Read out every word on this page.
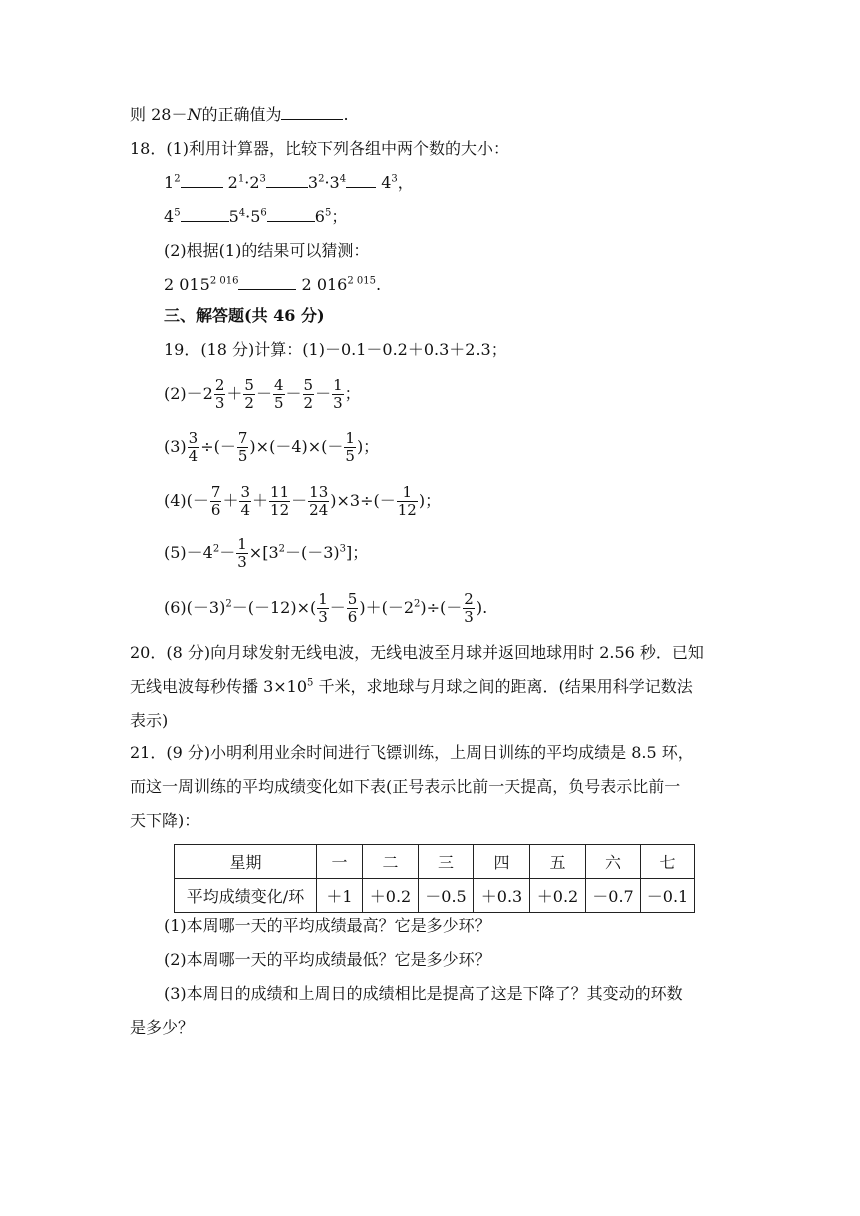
则 28－N的正确值为	.
18．(1)利用计算器，比较下列各组中两个数的大小：
$1^2$	$2^1\cdot 2^3$	$3^2\cdot 3^4$ $4^3$，
$4^5$	$5^4\cdot 5^6$	$6^5$；
(2)根据(1)的结果可以猜测：
2 $015^{2 016}$	2 $016^{2 015}$.
三、解答题(共 46 分)
19．(18 分)计算：(1)－0.1－0.2＋0.3＋2.3；
$(2)-2 \frac{2}{3} + \frac{5}{2} - \frac{4}{5} - \frac{5}{2} - \frac{1}{3}$ ；
$(3) \frac{3}{4}$ ÷(－ $\frac{7}{5} )\times(-4)\times(- \frac{1}{5}$ )；
$(4)(- \frac{7}{6} + \frac{3}{4} + \frac{11}{12} - \frac{13}{24} )\times 3\div(- \frac{1}{12}$ )；
$(5)-4^2- \frac{1}{3} \times[3^2-(-3)^3]$；
$(6)(-3)^2-(-12)\times( \frac{1}{3} - \frac{5}{6} )+(-2^2)\div(- \frac{2}{3}$ ).
20．(8 分)向月球发射无线电波，无线电波至月球并返回地球用时 2.56 秒．已知
无线电波每秒传播 $3\times 10^5$ 千米，求地球与月球之间的距离．(结果用科学记数法
表示)
21．(9 分)小明利用业余时间进行飞镖训练，上周日训练的平均成绩是 8.5 环，
而这一周训练的平均成绩变化如下表(正号表示比前一天提高，负号表示比前一
天下降)：
星期	一	二	三	四	五	六	七
平均成绩变化/环	＋1	＋0.2	－0.5	＋0.3	＋0.2	－0.7	－0.1
(1)本周哪一天的平均成绩最高？它是多少环？
(2)本周哪一天的平均成绩最低？它是多少环？
(3)本周日的成绩和上周日的成绩相比是提高了这是下降了？其变动的环数
是多少？
